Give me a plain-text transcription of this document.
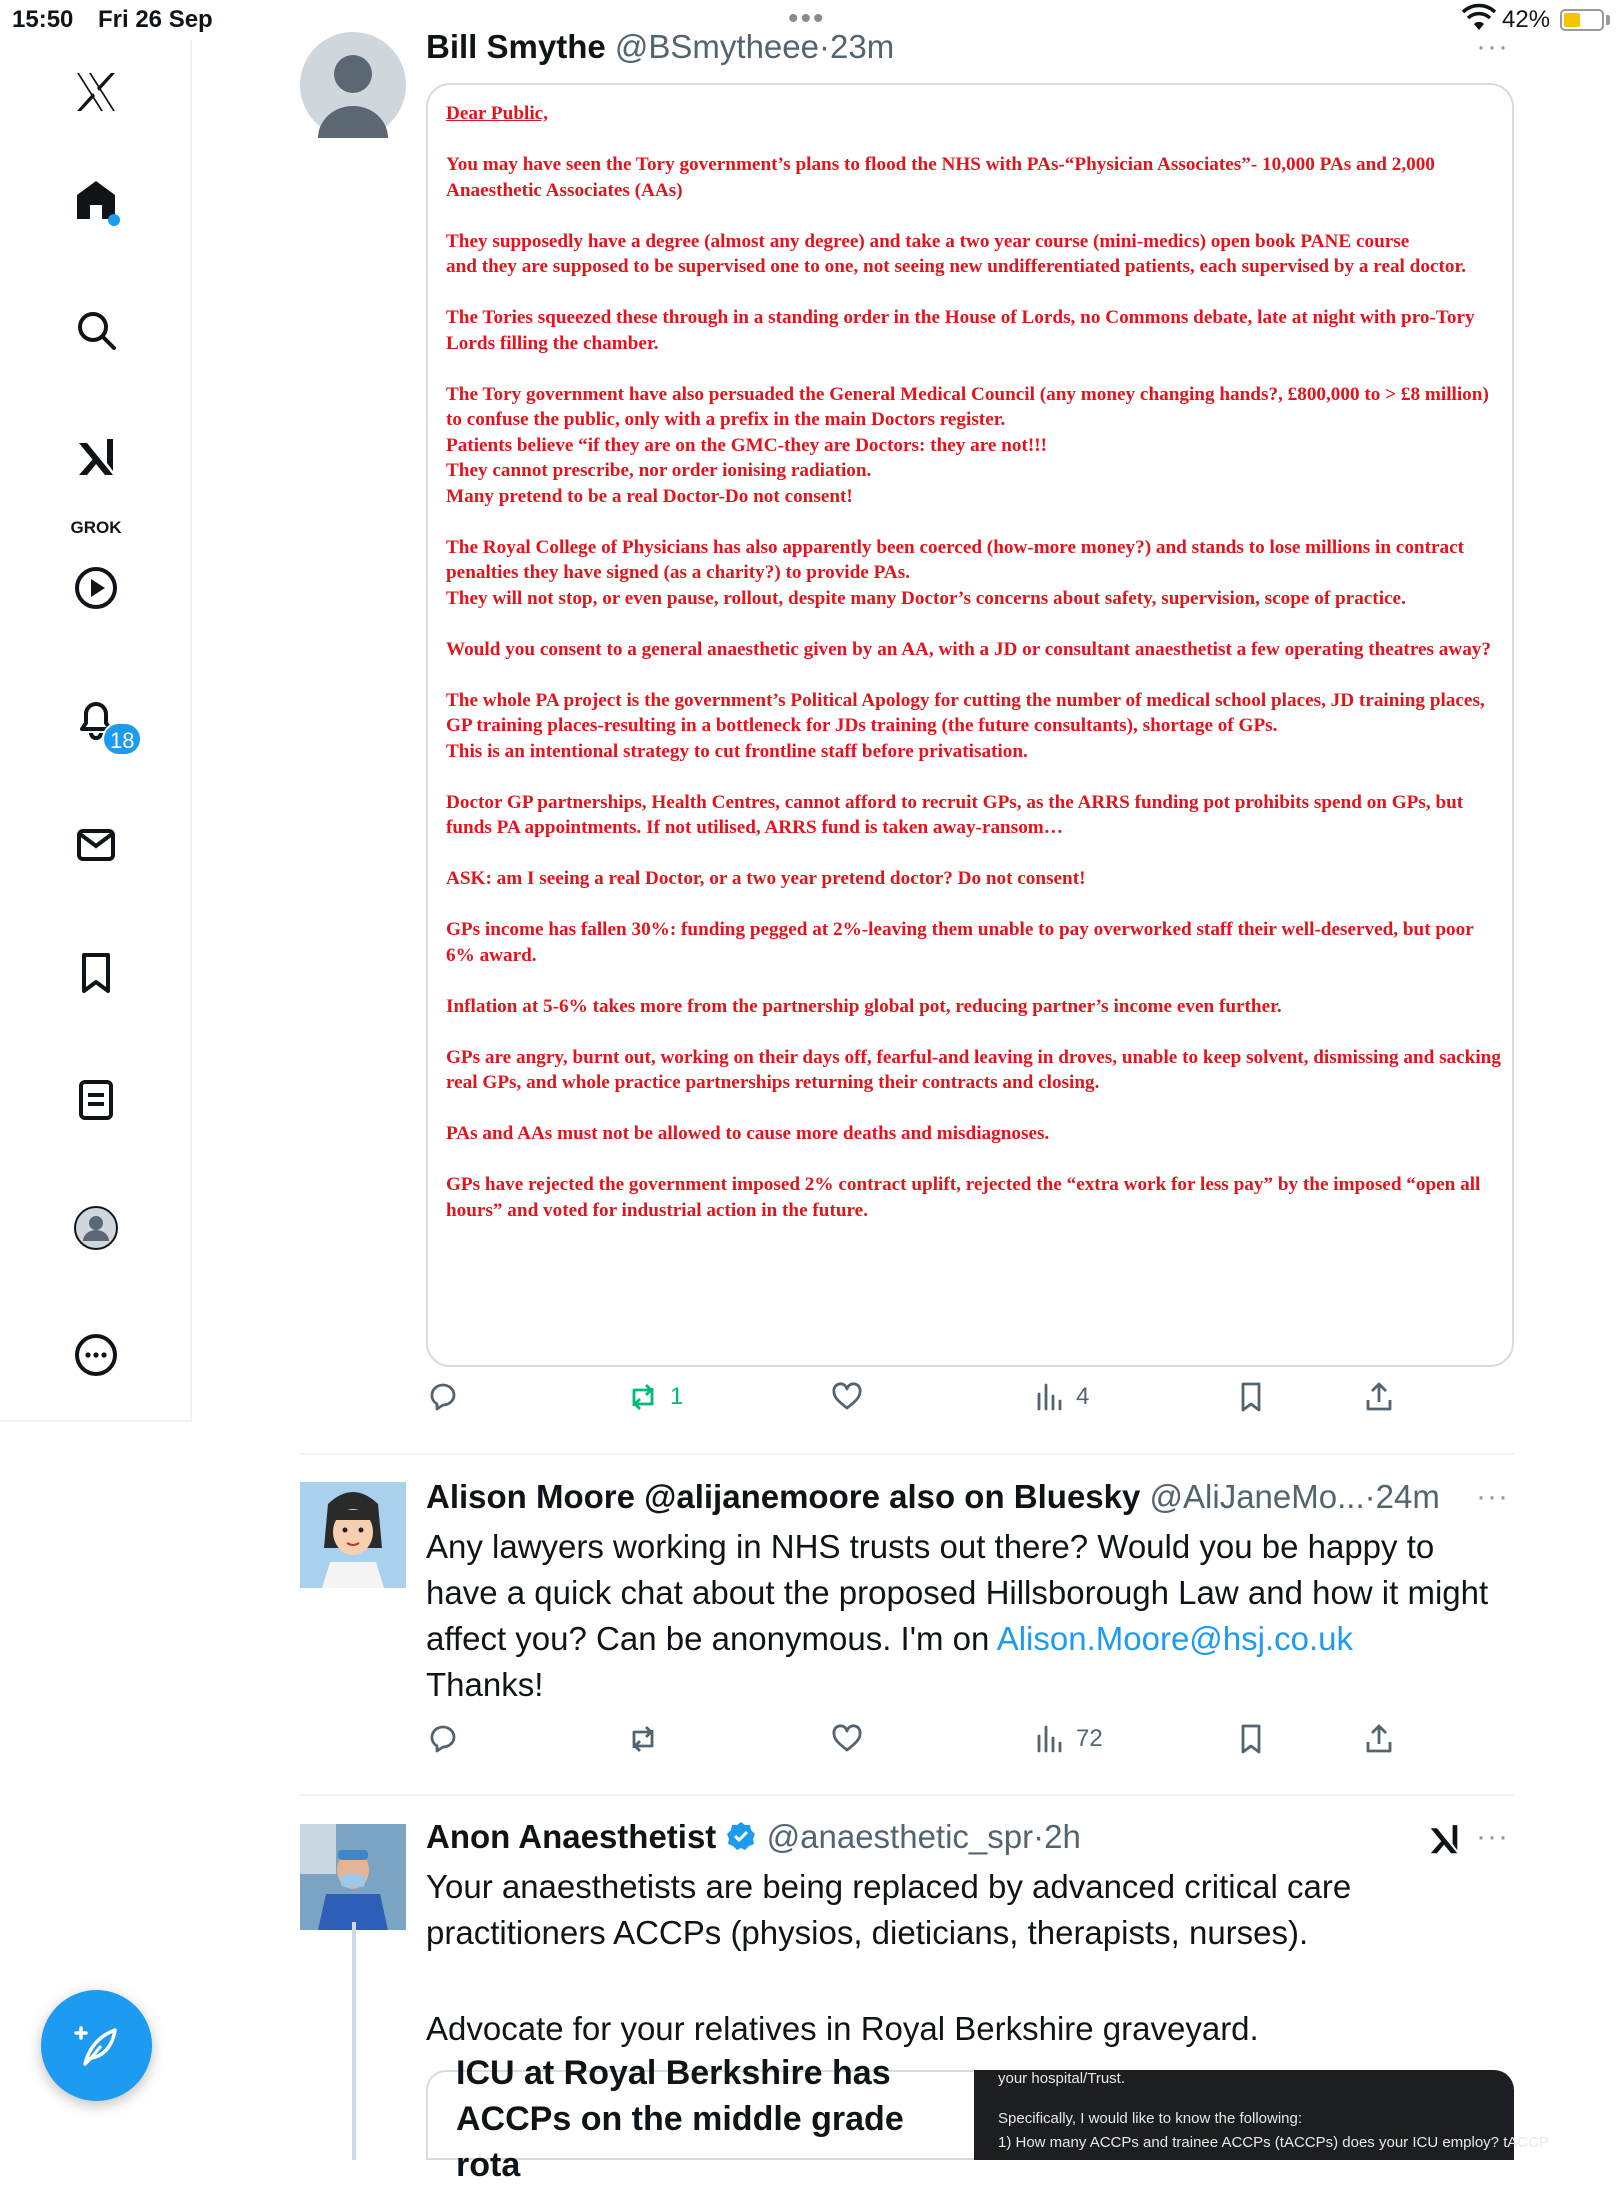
15:50 Fri 26 Sep	•••	42%
GROK
18
Bill Smythe @BSmytheee·23m	···

Dear Public,

You may have seen the Tory government’s plans to flood the NHS with PAs-“Physician Associates”- 10,000 PAs and 2,000 Anaesthetic Associates (AAs)

They supposedly have a degree (almost any degree) and take a two year course (mini-medics) open book PANE course
and they are supposed to be supervised one to one, not seeing new undifferentiated patients, each supervised by a real doctor.

The Tories squeezed these through in a standing order in the House of Lords, no Commons debate, late at night with pro-Tory Lords filling the chamber.

The Tory government have also persuaded the General Medical Council (any money changing hands?, £800,000 to > £8 million) to confuse the public, only with a prefix in the main Doctors register.
Patients believe “if they are on the GMC-they are Doctors: they are not!!!
They cannot prescribe, nor order ionising radiation.
Many pretend to be a real Doctor-Do not consent!

The Royal College of Physicians has also apparently been coerced (how-more money?) and stands to lose millions in contract penalties they have signed (as a charity?) to provide PAs.
They will not stop, or even pause, rollout, despite many Doctor’s concerns about safety, supervision, scope of practice.

Would you consent to a general anaesthetic given by an AA, with a JD or consultant anaesthetist a few operating theatres away?

The whole PA project is the government’s Political Apology for cutting the number of medical school places, JD training places, GP training places-resulting in a bottleneck for JDs training (the future consultants), shortage of GPs.
This is an intentional strategy to cut frontline staff before privatisation.

Doctor GP partnerships, Health Centres, cannot afford to recruit GPs, as the ARRS funding pot prohibits spend on GPs, but funds PA appointments. If not utilised, ARRS fund is taken away-ransom…

ASK: am I seeing a real Doctor, or a two year pretend doctor? Do not consent!

GPs income has fallen 30%: funding pegged at 2%-leaving them unable to pay overworked staff their well-deserved, but poor 6% award.

Inflation at 5-6% takes more from the partnership global pot, reducing partner’s income even further.

GPs are angry, burnt out, working on their days off, fearful-and leaving in droves, unable to keep solvent, dismissing and sacking real GPs, and whole practice partnerships returning their contracts and closing.

PAs and AAs must not be allowed to cause more deaths and misdiagnoses.

GPs have rejected the government imposed 2% contract uplift, rejected the “extra work for less pay” by the imposed “open all hours” and voted for industrial action in the future.

1	4
Alison Moore @alijanemoore also on Bluesky @AliJaneMo...·24m ···
Any lawyers working in NHS trusts out there? Would you be happy to have a quick chat about the proposed Hillsborough Law and how it might affect you? Can be anonymous. I'm on Alison.Moore@hsj.co.uk
Thanks!
72
Anon Anaesthetist @anaesthetic_spr·2h	···
Your anaesthetists are being replaced by advanced critical care practitioners ACCPs (physios, dieticians, therapists, nurses).
Advocate for your relatives in Royal Berkshire graveyard.
ICU at Royal Berkshire has
ACCPs on the middle grade
rota
your hospital/Trust.
Specifically, I would like to know the following:
1) How many ACCPs and trainee ACCPs (tACCPs) does your ICU employ? tACCP
